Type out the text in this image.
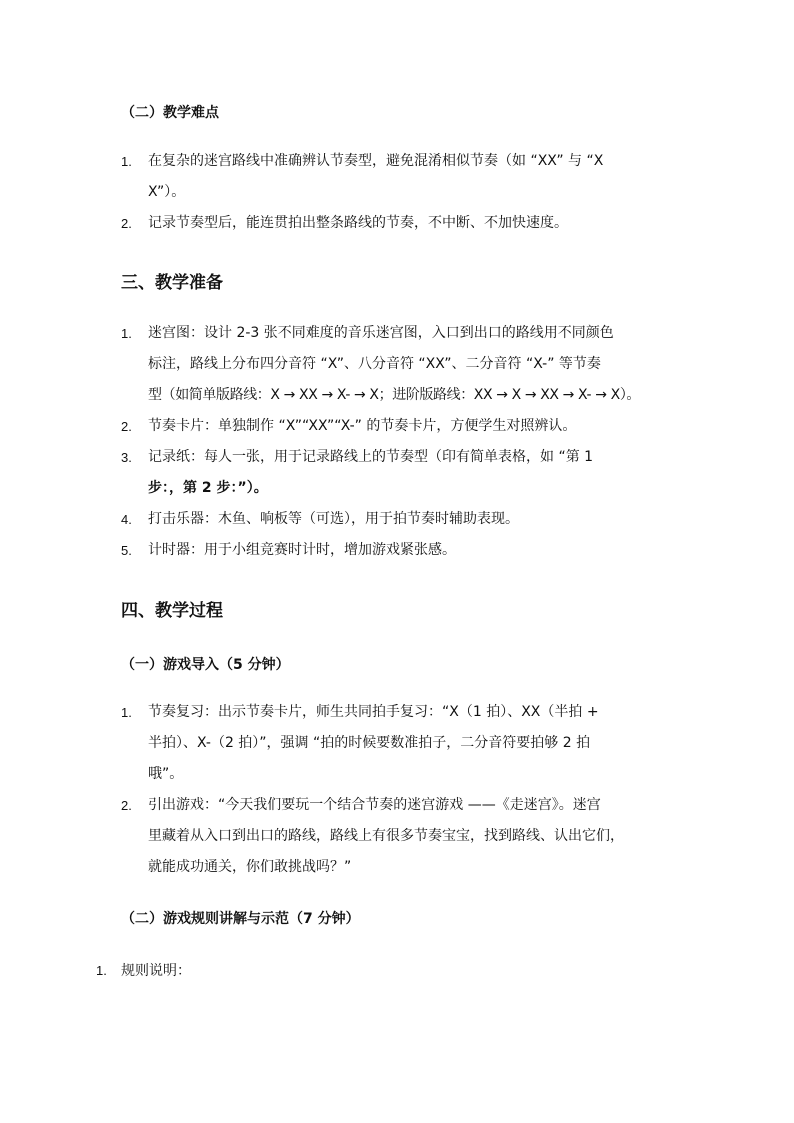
（二）教学难点
1. 在复杂的迷宫路线中准确辨认节奏型，避免混淆相似节奏（如 “XX” 与 “X
X”）。
2. 记录节奏型后，能连贯拍出整条路线的节奏，不中断、不加快速度。
三、教学准备
1. 迷宫图：设计 2-3 张不同难度的音乐迷宫图，入口到出口的路线用不同颜色
标注，路线上分布四分音符 “X”、八分音符 “XX”、二分音符 “X-” 等节奏
型（如简单版路线：X → XX → X- → X；进阶版路线：XX → X → XX → X- → X）。
2. 节奏卡片：单独制作 “X”“XX”“X-” 的节奏卡片，方便学生对照辨认。
3. 记录纸：每人一张，用于记录路线上的节奏型（印有简单表格，如 “第 1
步：，第 2 步：”）。
4. 打击乐器：木鱼、响板等（可选），用于拍节奏时辅助表现。
5. 计时器：用于小组竞赛时计时，增加游戏紧张感。
四、教学过程
（一）游戏导入（5 分钟）
1. 节奏复习：出示节奏卡片，师生共同拍手复习：“X（1 拍）、XX（半拍 +
半拍）、X-（2 拍）”，强调 “拍的时候要数准拍子，二分音符要拍够 2 拍
哦”。
2. 引出游戏：“今天我们要玩一个结合节奏的迷宫游戏 ——《走迷宫》。迷宫
里藏着从入口到出口的路线，路线上有很多节奏宝宝，找到路线、认出它们，
就能成功通关，你们敢挑战吗？”
（二）游戏规则讲解与示范（7 分钟）
1. 规则说明：
